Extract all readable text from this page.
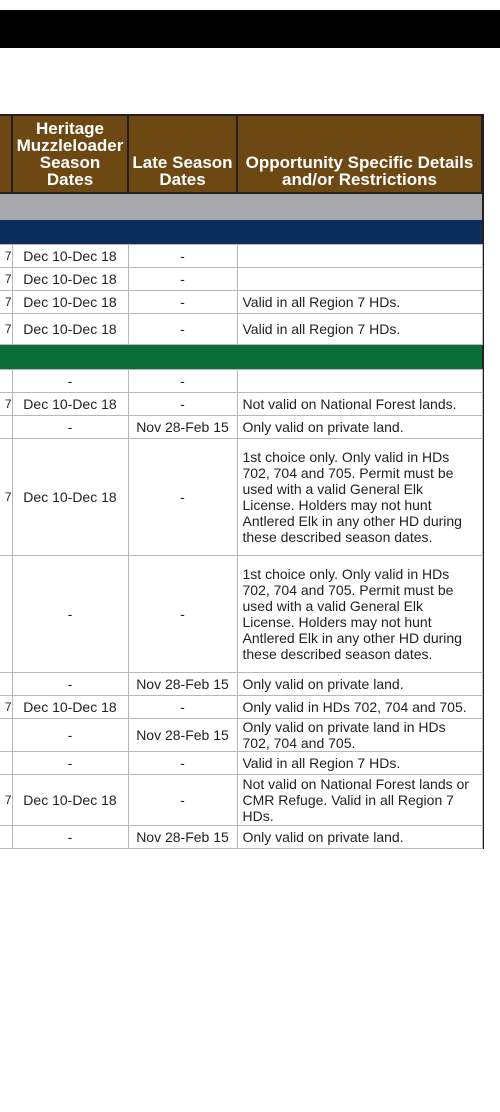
	Heritage Muzzleloader Season Dates	Late Season Dates	Opportunity Specific Details and/or Restrictions

7	Dec 10-Dec 18	-	
7	Dec 10-Dec 18	-	
7	Dec 10-Dec 18	-	Valid in all Region 7 HDs.
7	Dec 10-Dec 18	-	Valid in all Region 7 HDs.

	-	-	
7	Dec 10-Dec 18	-	Not valid on National Forest lands.
	-	Nov 28-Feb 15	Only valid on private land.
7	Dec 10-Dec 18	-	1st choice only. Only valid in HDs 702, 704 and 705. Permit must be used with a valid General Elk License. Holders may not hunt Antlered Elk in any other HD during these described season dates.
	-	-	1st choice only. Only valid in HDs 702, 704 and 705. Permit must be used with a valid General Elk License. Holders may not hunt Antlered Elk in any other HD during these described season dates.
	-	Nov 28-Feb 15	Only valid on private land.
7	Dec 10-Dec 18	-	Only valid in HDs 702, 704 and 705.
	-	Nov 28-Feb 15	Only valid on private land in HDs 702, 704 and 705.
	-	-	Valid in all Region 7 HDs.
7	Dec 10-Dec 18	-	Not valid on National Forest lands or CMR Refuge. Valid in all Region 7 HDs.
	-	Nov 28-Feb 15	Only valid on private land.
